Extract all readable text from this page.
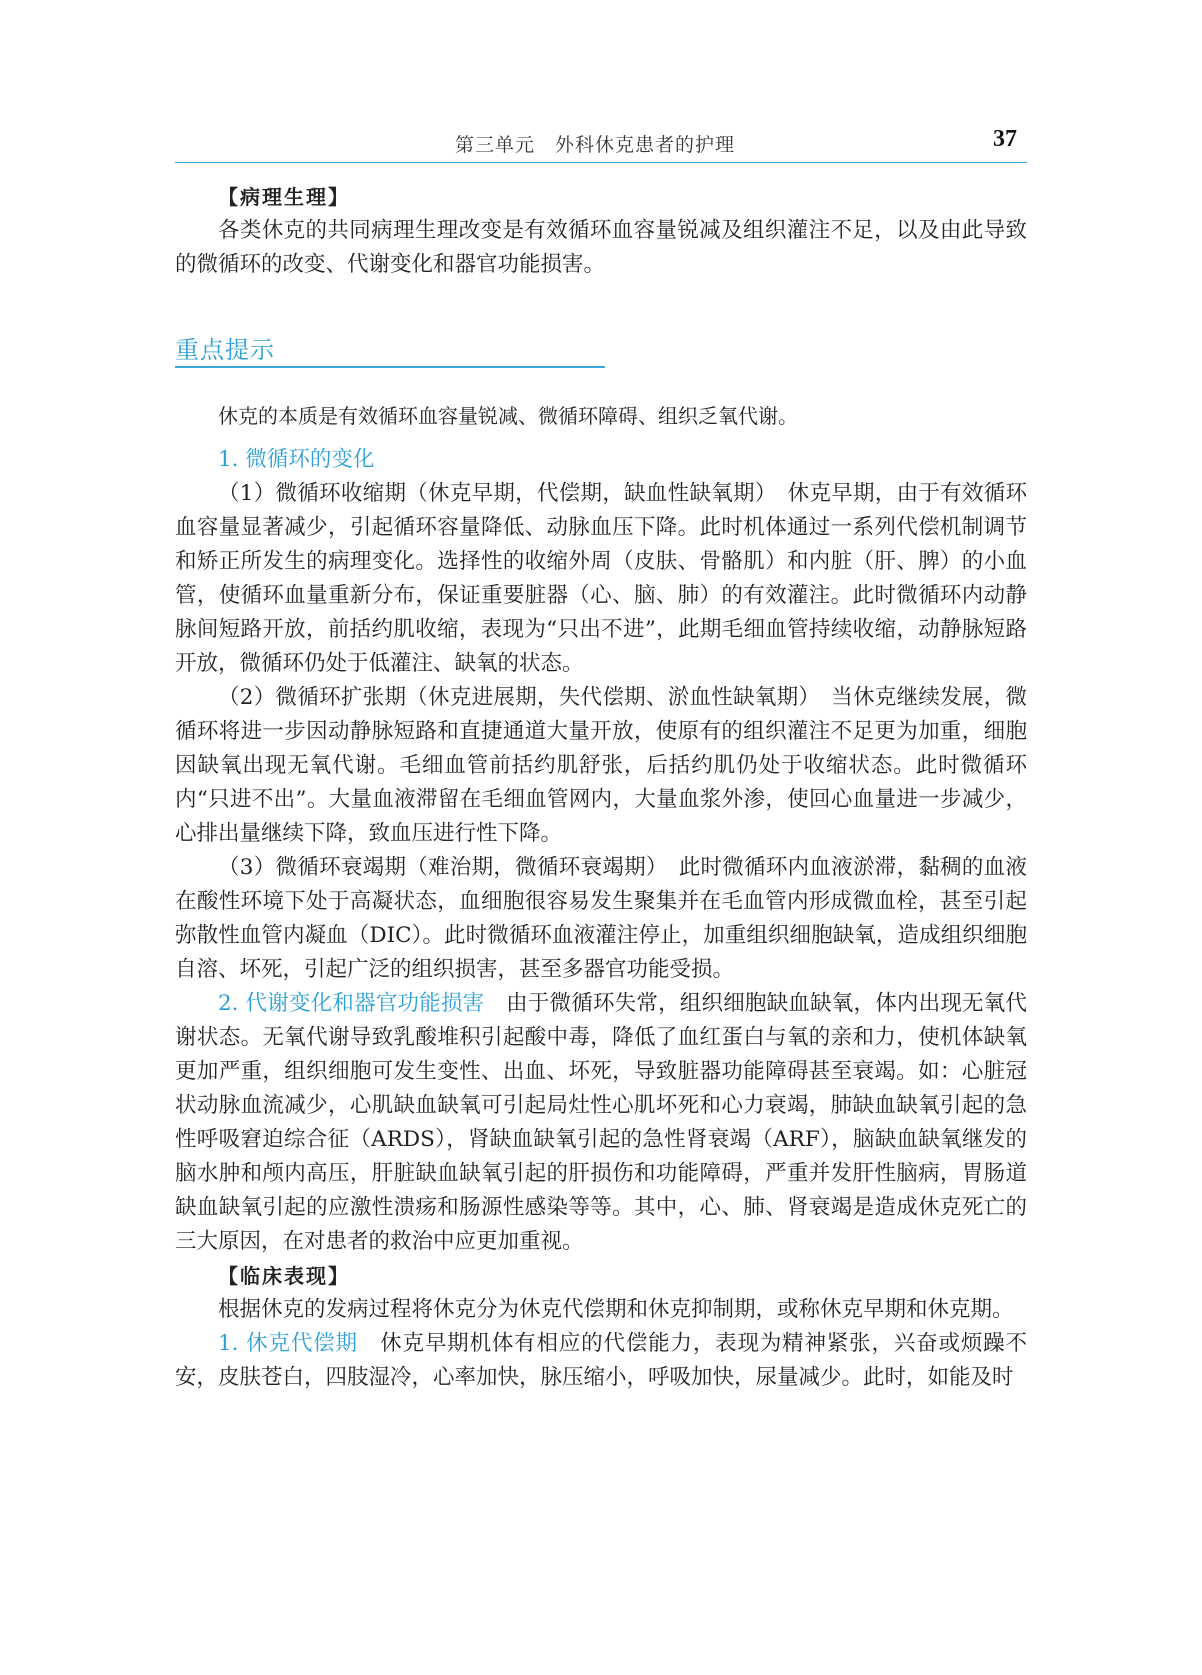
第三单元　外科休克患者的护理	37

【病理生理】

各类休克的共同病理生理改变是有效循环血容量锐减及组织灌注不足，以及由此导致的微循环的改变、代谢变化和器官功能损害。

重点提示
休克的本质是有效循环血容量锐减、微循环障碍、组织乏氧代谢。

1. 微循环的变化

（1）微循环收缩期（休克早期，代偿期，缺血性缺氧期）　休克早期，由于有效循环血容量显著减少，引起循环容量降低、动脉血压下降。此时机体通过一系列代偿机制调节和矫正所发生的病理变化。选择性的收缩外周（皮肤、骨骼肌）和内脏（肝、脾）的小血管，使循环血量重新分布，保证重要脏器（心、脑、肺）的有效灌注。此时微循环内动静脉间短路开放，前括约肌收缩，表现为“只出不进”，此期毛细血管持续收缩，动静脉短路开放，微循环仍处于低灌注、缺氧的状态。

（2）微循环扩张期（休克进展期，失代偿期、淤血性缺氧期）　当休克继续发展，微循环将进一步因动静脉短路和直捷通道大量开放，使原有的组织灌注不足更为加重，细胞因缺氧出现无氧代谢。毛细血管前括约肌舒张，后括约肌仍处于收缩状态。此时微循环内“只进不出”。大量血液滞留在毛细血管网内，大量血浆外渗，使回心血量进一步减少，心排出量继续下降，致血压进行性下降。

（3）微循环衰竭期（难治期，微循环衰竭期）　此时微循环内血液淤滞，黏稠的血液在酸性环境下处于高凝状态，血细胞很容易发生聚集并在毛血管内形成微血栓，甚至引起弥散性血管内凝血（DIC）。此时微循环血液灌注停止，加重组织细胞缺氧，造成组织细胞自溶、坏死，引起广泛的组织损害，甚至多器官功能受损。

2. 代谢变化和器官功能损害　由于微循环失常，组织细胞缺血缺氧，体内出现无氧代谢状态。无氧代谢导致乳酸堆积引起酸中毒，降低了血红蛋白与氧的亲和力，使机体缺氧更加严重，组织细胞可发生变性、出血、坏死，导致脏器功能障碍甚至衰竭。如：心脏冠状动脉血流减少，心肌缺血缺氧可引起局灶性心肌坏死和心力衰竭，肺缺血缺氧引起的急性呼吸窘迫综合征（ARDS），肾缺血缺氧引起的急性肾衰竭（ARF），脑缺血缺氧继发的脑水肿和颅内高压，肝脏缺血缺氧引起的肝损伤和功能障碍，严重并发肝性脑病，胃肠道缺血缺氧引起的应激性溃疡和肠源性感染等等。其中，心、肺、肾衰竭是造成休克死亡的三大原因，在对患者的救治中应更加重视。

【临床表现】

根据休克的发病过程将休克分为休克代偿期和休克抑制期，或称休克早期和休克期。

1. 休克代偿期　休克早期机体有相应的代偿能力，表现为精神紧张，兴奋或烦躁不安，皮肤苍白，四肢湿冷，心率加快，脉压缩小，呼吸加快，尿量减少。此时，如能及时
